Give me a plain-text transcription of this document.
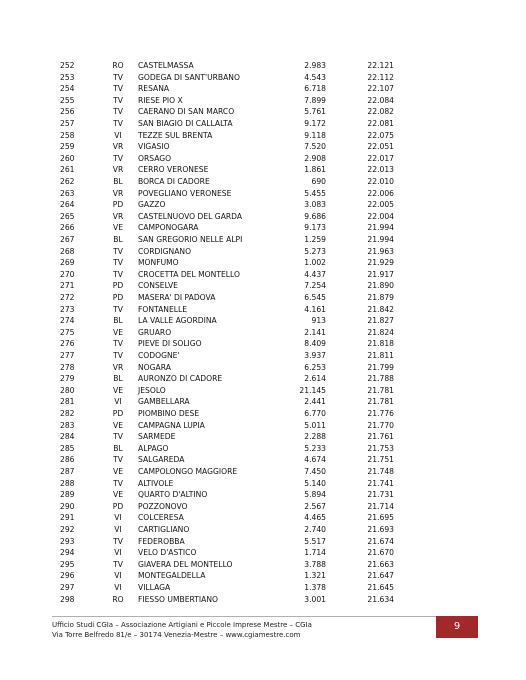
252	RO	CASTELMASSA	2.983	22.121
253	TV	GODEGA DI SANT'URBANO	4.543	22.112
254	TV	RESANA	6.718	22.107
255	TV	RIESE PIO X	7.899	22.084
256	TV	CAERANO DI SAN MARCO	5.761	22.082
257	TV	SAN BIAGIO DI CALLALTA	9.172	22.081
258	VI	TEZZE SUL BRENTA	9.118	22.075
259	VR	VIGASIO	7.520	22.051
260	TV	ORSAGO	2.908	22.017
261	VR	CERRO VERONESE	1.861	22.013
262	BL	BORCA DI CADORE	690	22.010
263	VR	POVEGLIANO VERONESE	5.455	22.006
264	PD	GAZZO	3.083	22.005
265	VR	CASTELNUOVO DEL GARDA	9.686	22.004
266	VE	CAMPONOGARA	9.173	21.994
267	BL	SAN GREGORIO NELLE ALPI	1.259	21.994
268	TV	CORDIGNANO	5.273	21.963
269	TV	MONFUMO	1.002	21.929
270	TV	CROCETTA DEL MONTELLO	4.437	21.917
271	PD	CONSELVE	7.254	21.890
272	PD	MASERA' DI PADOVA	6.545	21.879
273	TV	FONTANELLE	4.161	21.842
274	BL	LA VALLE AGORDINA	913	21.827
275	VE	GRUARO	2.141	21.824
276	TV	PIEVE DI SOLIGO	8.409	21.818
277	TV	CODOGNE'	3.937	21.811
278	VR	NOGARA	6.253	21.799
279	BL	AURONZO DI CADORE	2.614	21.788
280	VE	JESOLO	21.145	21.781
281	VI	GAMBELLARA	2.441	21.781
282	PD	PIOMBINO DESE	6.770	21.776
283	VE	CAMPAGNA LUPIA	5.011	21.770
284	TV	SARMEDE	2.288	21.761
285	BL	ALPAGO	5.233	21.753
286	TV	SALGAREDA	4.674	21.751
287	VE	CAMPOLONGO MAGGIORE	7.450	21.748
288	TV	ALTIVOLE	5.140	21.741
289	VE	QUARTO D'ALTINO	5.894	21.731
290	PD	POZZONOVO	2.567	21.714
291	VI	COLCERESA	4.465	21.695
292	VI	CARTIGLIANO	2.740	21.693
293	TV	FEDEROBBA	5.517	21.674
294	VI	VELO D'ASTICO	1.714	21.670
295	TV	GIAVERA DEL MONTELLO	3.788	21.663
296	VI	MONTEGALDELLA	1.321	21.647
297	VI	VILLAGA	1.378	21.645
298	RO	FIESSO UMBERTIANO	3.001	21.634
Ufficio Studi CGIa – Associazione Artigiani e Piccole Imprese Mestre – CGIa
Via Torre Belfredo 81/e – 30174 Venezia-Mestre – www.cgiamestre.com
9
